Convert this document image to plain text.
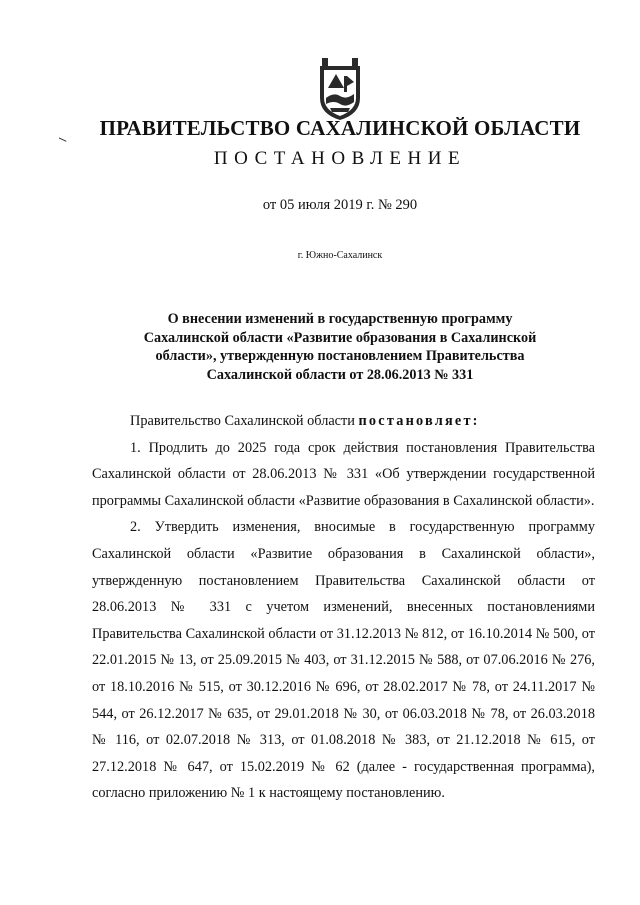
ПРАВИТЕЛЬСТВО САХАЛИНСКОЙ ОБЛАСТИ
ПОСТАНОВЛЕНИЕ
от 05 июля 2019 г. № 290
г. Южно-Сахалинск
О внесении изменений в государственную программу
Сахалинской области «Развитие образования в Сахалинской
области», утвержденную постановлением Правительства
Сахалинской области от 28.06.2013 № 331

Правительство Сахалинской области постановляет:

1. Продлить до 2025 года срок действия постановления Правительства Сахалинской области от 28.06.2013 № 331 «Об утверждении государственной программы Сахалинской области «Развитие образования в Сахалинской области».

2. Утвердить изменения, вносимые в государственную программу Сахалинской области «Развитие образования в Сахалинской области», утвержденную постановлением Правительства Сахалинской области от 28.06.2013 № 331 с учетом изменений, внесенных постановлениями Правительства Сахалинской области от 31.12.2013 № 812, от 16.10.2014 № 500, от 22.01.2015 № 13, от 25.09.2015 № 403, от 31.12.2015 № 588, от 07.06.2016 № 276, от 18.10.2016 № 515, от 30.12.2016 № 696, от 28.02.2017 № 78, от 24.11.2017 № 544, от 26.12.2017 № 635, от 29.01.2018 № 30, от 06.03.2018 № 78, от 26.03.2018 № 116, от 02.07.2018 № 313, от 01.08.2018 № 383, от 21.12.2018 № 615, от 27.12.2018 № 647, от 15.02.2019 № 62 (далее - государственная программа), согласно приложению № 1 к настоящему постановлению.
